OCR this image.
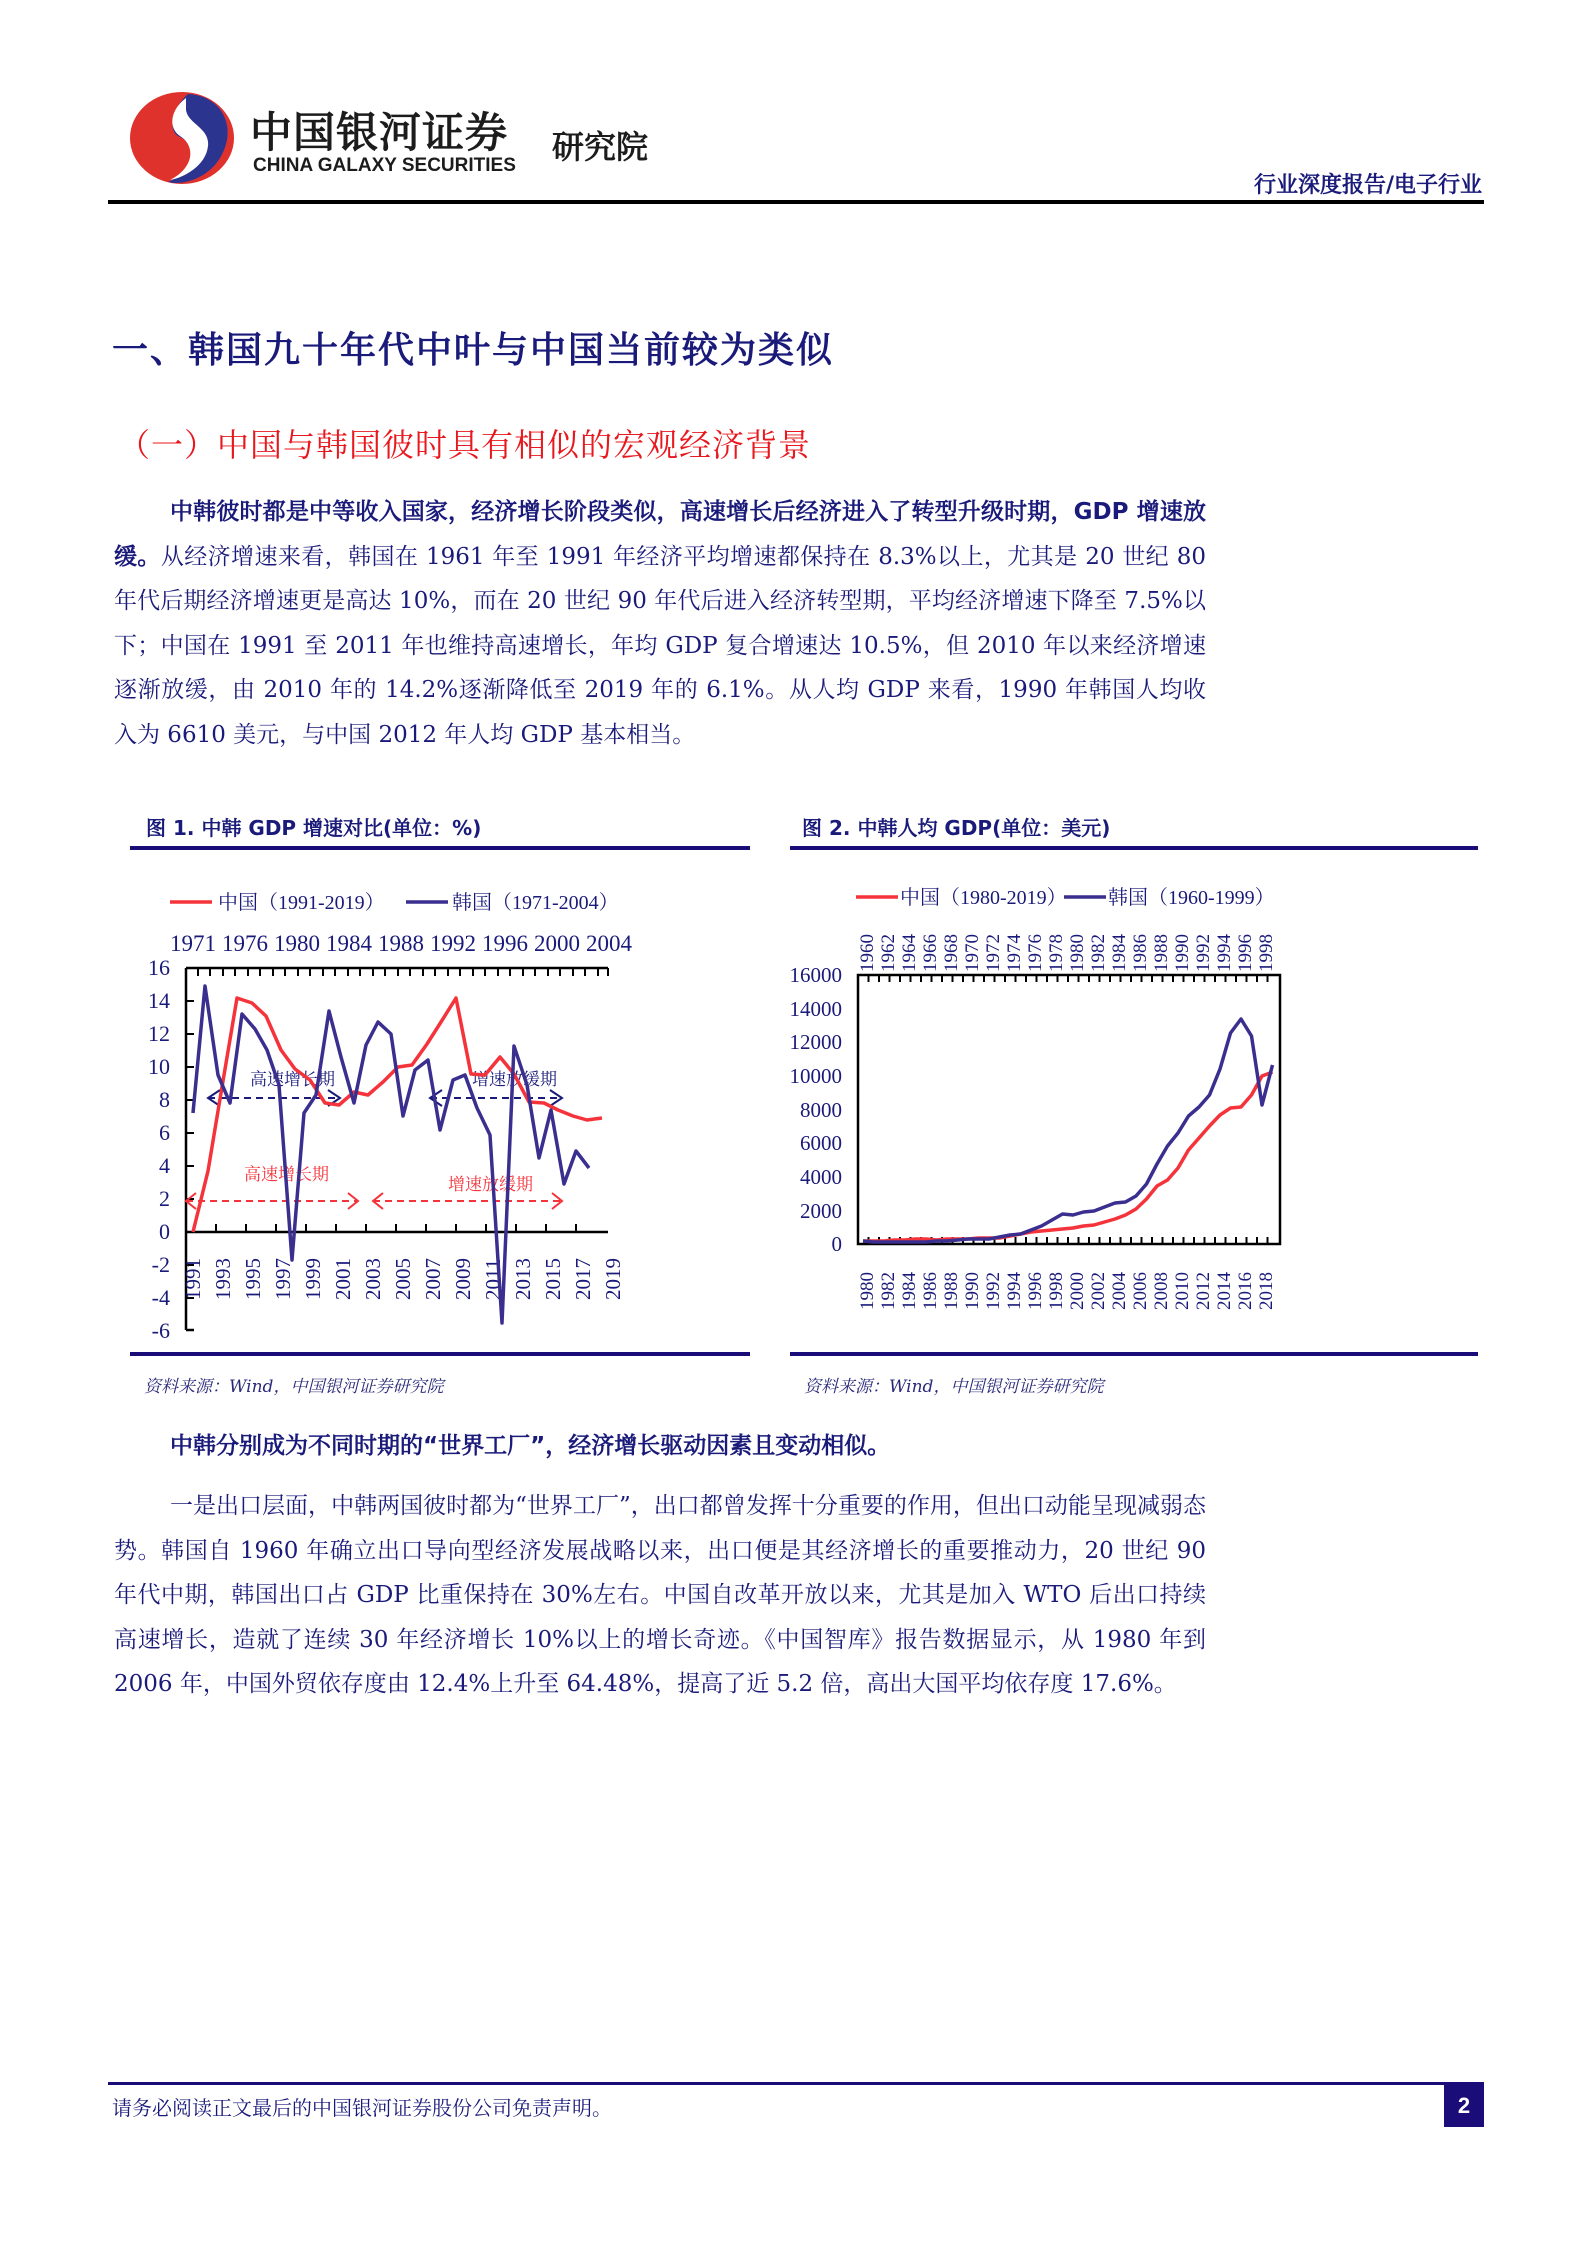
中国银河证券
CHINA GALAXY SECURITIES 研究院
行业深度报告/电子行业
一、韩国九十年代中叶与中国当前较为类似
（一）中国与韩国彼时具有相似的宏观经济背景
中韩彼时都是中等收入国家，经济增长阶段类似，高速增长后经济进入了转型升级时期，GDP 增速放缓。从经济增速来看，韩国在 1961 年至 1991 年经济平均增速都保持在 8.3%以上，尤其是 20 世纪 80 年代后期经济增速更是高达 10%，而在 20 世纪 90 年代后进入经济转型期，平均经济增速下降至 7.5%以下；中国在 1991 至 2011 年也维持高速增长，年均 GDP 复合增速达 10.5%，但 2010 年以来经济增速逐渐放缓，由 2010 年的 14.2%逐渐降低至 2019 年的 6.1%。从人均 GDP 来看，1990 年韩国人均收入为 6610 美元，与中国 2012 年人均 GDP 基本相当。
图 1. 中韩 GDP 增速对比(单位：%)
中国（1991-2019）	韩国（1971-2004）
1971 1976 1980 1984 1988 1992 1996 2000 2004
16
14
12
10
8
6
4
2
0
-2
-4
-6
1991 1993 1995 1997 1999 2001 2003 2005 2007 2009 2011 2013 2015 2017 2019
高速增长期	增速放缓期
高速增长期
增速放缓期
资料来源：Wind，中国银河证券研究院
图 2. 中韩人均 GDP(单位：美元)
中国（1980-2019） 韩国（1960-1999）
1960 1962 1964 1966 1968 1970 1972 1974 1976 1978 1980 1982 1984 1986 1988 1990 1992 1994 1996 1998
16000
14000
12000
10000
8000
6000
4000
2000
0
1980 1982 1984 1986 1988 1990 1992 1994 1996 1998 2000 2002 2004 2006 2008 2010 2012 2014 2016 2018
资料来源：Wind，中国银河证券研究院
中韩分别成为不同时期的“世界工厂”，经济增长驱动因素且变动相似。
一是出口层面，中韩两国彼时都为“世界工厂”，出口都曾发挥十分重要的作用，但出口动能呈现减弱态势。韩国自 1960 年确立出口导向型经济发展战略以来，出口便是其经济增长的重要推动力，20 世纪 90 年代中期，韩国出口占 GDP 比重保持在 30%左右。中国自改革开放以来，尤其是加入 WTO 后出口持续高速增长，造就了连续 30 年经济增长 10%以上的增长奇迹。《中国智库》报告数据显示，从 1980 年到 2006 年，中国外贸依存度由 12.4%上升至 64.48%，提高了近 5.2 倍，高出大国平均依存度 17.6%。
请务必阅读正文最后的中国银河证券股份公司免责声明。	2
